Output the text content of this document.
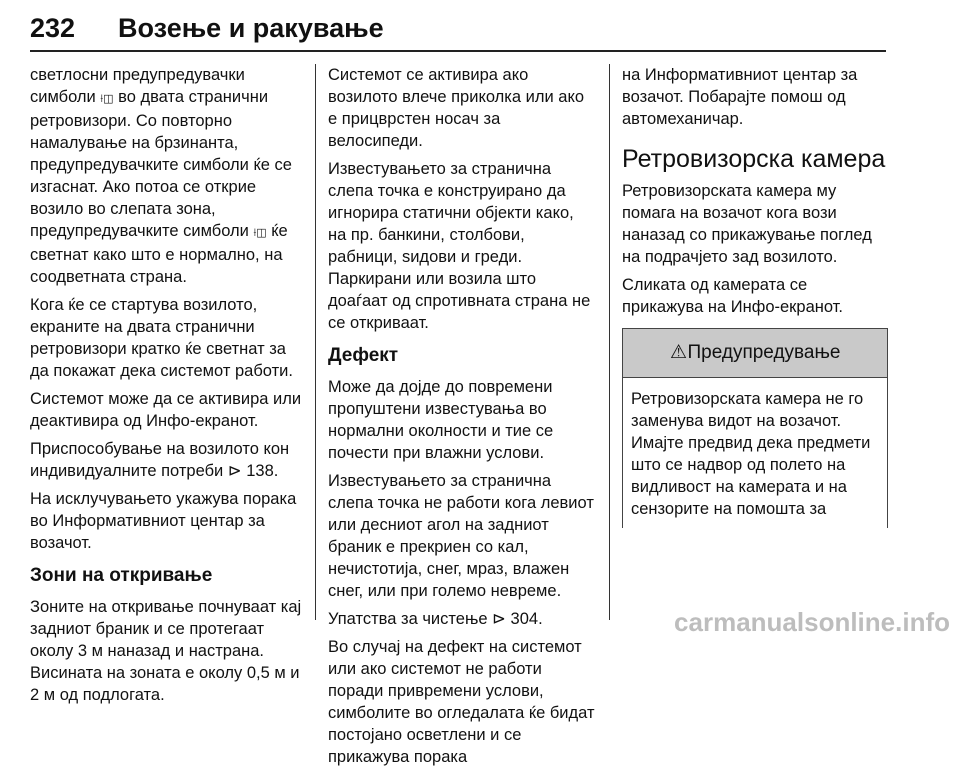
232	Возење и ракување

светлосни предупредувачки симболи ⟊◫ во двата странични ретровизори. Со повторно намалување на брзинанта, предупредувачките симболи ќе се изгаснат. Ако потоа се открие возило во слепата зона, предупредувачките симболи ⟊◫ ќе светнат како што е нормално, на соодветната страна.

Кога ќе се стартува возилото, екраните на двата странични ретровизори кратко ќе светнат за да покажат дека системот работи.

Системот може да се активира или деактивира од Инфо-екранот.

Приспособување на возилото кон индивидуалните потреби ⊳ 138.

На исклучувањето укажува порака во Информативниот центар за возачот.

Зони на откривање

Зоните на откривање почнуваат кај задниот браник и се протегаат околу 3 м наназад и настрана. Висината на зоната е околу 0,5 м и 2 м од подлогата.

Системот се активира ако возилото влече приколка или ако е прицврстен носач за велосипеди.

Известувањето за странична слепа точка е конструирано да игнорира статични објекти како, на пр. банкини, столбови, рабници, ѕидови и греди. Паркирани или возила што доаѓаат од спротивната страна не се откриваат.

Дефект

Може да дојде до повремени пропуштени известувања во нормални околности и тие се почести при влажни услови.

Известувањето за странична слепа точка не работи кога левиот или десниот агол на задниот браник е прекриен со кал, нечистотија, снег, мраз, влажен снег, или при големо невреме.

Упатства за чистење ⊳ 304.

Во случај на дефект на системот или ако системот не работи поради привремени услови, симболите во огледалата ќе бидат постојано осветлени и се прикажува порака

на Информативниот центар за возачот. Побарајте помош од автомеханичар.

Ретровизорска камера

Ретровизорската камера му помага на возачот кога вози наназад со прикажување поглед на подрачјето зад возилото.

Сликата од камерата се прикажува на Инфо-екранот.

⚠Предупредување

Ретровизорската камера не го заменува видот на возачот. Имајте предвид дека предмети што се надвор од полето на видливост на камерата и на сензорите на помошта за

carmanualsonline.info
